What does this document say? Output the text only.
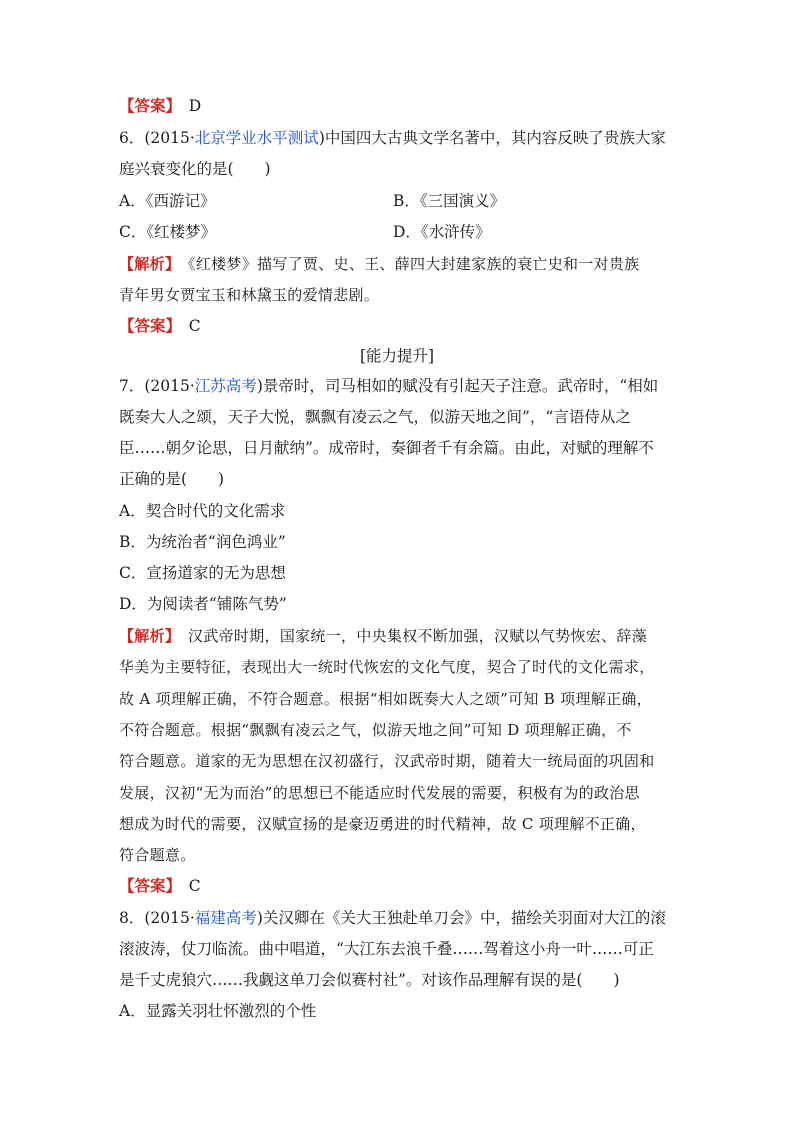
【答案】　 D
6．(2015·北京学业水平测试)中国四大古典文学名著中，其内容反映了贵族大家
庭兴衰变化的是(　　)
A．《西游记》	B．《三国演义》
C．《红楼梦》	D．《水浒传》
【解析】　 《红楼梦》描写了贾、史、王、薛四大封建家族的衰亡史和一对贵族
青年男女贾宝玉和林黛玉的爱情悲剧。
【答案】　 C
[能力提升]
7．(2015·江苏高考)景帝时，司马相如的赋没有引起天子注意。武帝时，“相如
既奏大人之颂，天子大悦，飘飘有凌云之气，似游天地之间”，“言语侍从之
臣……朝夕论思，日月献纳”。成帝时，奏御者千有余篇。由此，对赋的理解不
正确的是(　　)
A．契合时代的文化需求
B．为统治者“润色鸿业”
C．宣扬道家的无为思想
D．为阅读者“铺陈气势”
【解析】　 汉武帝时期，国家统一，中央集权不断加强，汉赋以气势恢宏、辞藻
华美为主要特征，表现出大一统时代恢宏的文化气度，契合了时代的文化需求，
故 A 项理解正确，不符合题意。根据“相如既奏大人之颂”可知 B 项理解正确，
不符合题意。根据“飘飘有凌云之气，似游天地之间”可知 D 项理解正确，不
符合题意。道家的无为思想在汉初盛行，汉武帝时期，随着大一统局面的巩固和
发展，汉初“无为而治”的思想已不能适应时代发展的需要，积极有为的政治思
想成为时代的需要，汉赋宣扬的是豪迈勇进的时代精神，故 C 项理解不正确，
符合题意。
【答案】　 C
8．(2015·福建高考)关汉卿在《关大王独赴单刀会》中，描绘关羽面对大江的滚
滚波涛，仗刀临流。曲中唱道，“大江东去浪千叠……驾着这小舟一叶……可正
是千丈虎狼穴……我觑这单刀会似赛村社”。对该作品理解有误的是(　　)
A．显露关羽壮怀激烈的个性
